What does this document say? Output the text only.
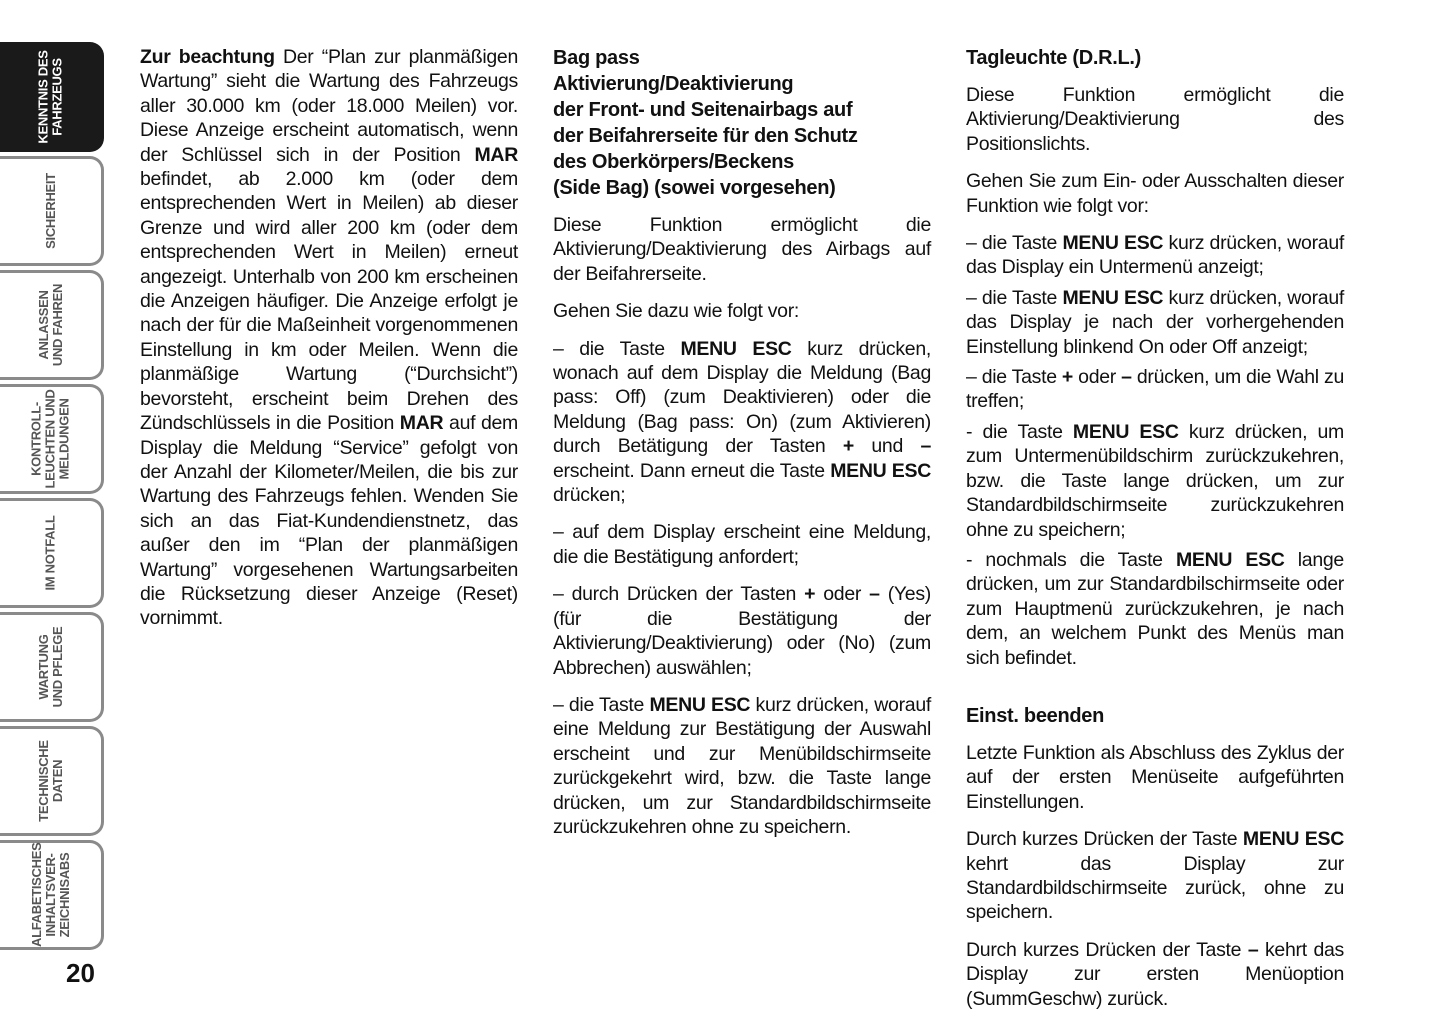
KENNTNIS DES FAHRZEUGS
SICHERHEIT
ANLASSEN UND FAHREN
KONTROLL-LEUCHTEN UND MELDUNGEN
IM NOTFALL
WARTUNG UND PFLEGE
TECHNISCHE DATEN
ALFABETISCHES INHALTSVER-ZEICHNISABS
20

Zur beachtung Der “Plan zur planmäßigen Wartung” sieht die Wartung des Fahrzeugs aller 30.000 km (oder 18.000 Meilen) vor. Diese Anzeige erscheint automatisch, wenn der Schlüssel sich in der Position MAR befindet, ab 2.000 km (oder dem entsprechenden Wert in Meilen) ab dieser Grenze und wird aller 200 km (oder dem entsprechenden Wert in Meilen) erneut angezeigt. Unterhalb von 200 km erscheinen die Anzeigen häufiger. Die Anzeige erfolgt je nach der für die Maßeinheit vorgenommenen Einstellung in km oder Meilen. Wenn die planmäßige Wartung (“Durchsicht”) bevorsteht, erscheint beim Drehen des Zündschlüssels in die Position MAR auf dem Display die Meldung “Service” gefolgt von der Anzahl der Kilometer/Meilen, die bis zur Wartung des Fahrzeugs fehlen. Wenden Sie sich an das Fiat-Kundendienstnetz, das außer den im “Plan der planmäßigen Wartung” vorgesehenen Wartungsarbeiten die Rücksetzung dieser Anzeige (Reset) vornimmt.

Bag pass
Aktivierung/Deaktivierung
der Front- und Seitenairbags auf
der Beifahrerseite für den Schutz
des Oberkörpers/Beckens
(Side Bag) (sowei vorgesehen)

Diese Funktion ermöglicht die Aktivierung/Deaktivierung des Airbags auf der Beifahrerseite.

Gehen Sie dazu wie folgt vor:

– die Taste MENU ESC kurz drücken, wonach auf dem Display die Meldung (Bag pass: Off) (zum Deaktivieren) oder die Meldung (Bag pass: On) (zum Aktivieren) durch Betätigung der Tasten + und – erscheint. Dann erneut die Taste MENU ESC drücken;

– auf dem Display erscheint eine Meldung, die die Bestätigung anfordert;

– durch Drücken der Tasten + oder – (Yes) (für die Bestätigung der Aktivierung/Deaktivierung) oder (No) (zum Abbrechen) auswählen;

– die Taste MENU ESC kurz drücken, worauf eine Meldung zur Bestätigung der Auswahl erscheint und zur Menübildschirmseite zurückgekehrt wird, bzw. die Taste lange drücken, um zur Standardbildschirmseite zurückzukehren ohne zu speichern.

Tagleuchte (D.R.L.)

Diese Funktion ermöglicht die Aktivierung/Deaktivierung des Positionslichts.

Gehen Sie zum Ein- oder Ausschalten dieser Funktion wie folgt vor:

– die Taste MENU ESC kurz drücken, worauf das Display ein Untermenü anzeigt;

– die Taste MENU ESC kurz drücken, worauf das Display je nach der vorhergehenden Einstellung blinkend On oder Off anzeigt;

– die Taste + oder – drücken, um die Wahl zu treffen;

- die Taste MENU ESC kurz drücken, um zum Untermenübildschirm zurückzukehren, bzw. die Taste lange drücken, um zur Standardbildschirmseite zurückzukehren ohne zu speichern;

- nochmals die Taste MENU ESC lange drücken, um zur Standardbilschirmseite oder zum Hauptmenü zurückzukehren, je nach dem, an welchem Punkt des Menüs man sich befindet.

Einst. beenden

Letzte Funktion als Abschluss des Zyklus der auf der ersten Menüseite aufgeführten Einstellungen.

Durch kurzes Drücken der Taste MENU ESC kehrt das Display zur Standardbildschirmseite zurück, ohne zu speichern.

Durch kurzes Drücken der Taste – kehrt das Display zur ersten Menüoption (SummGeschw) zurück.
